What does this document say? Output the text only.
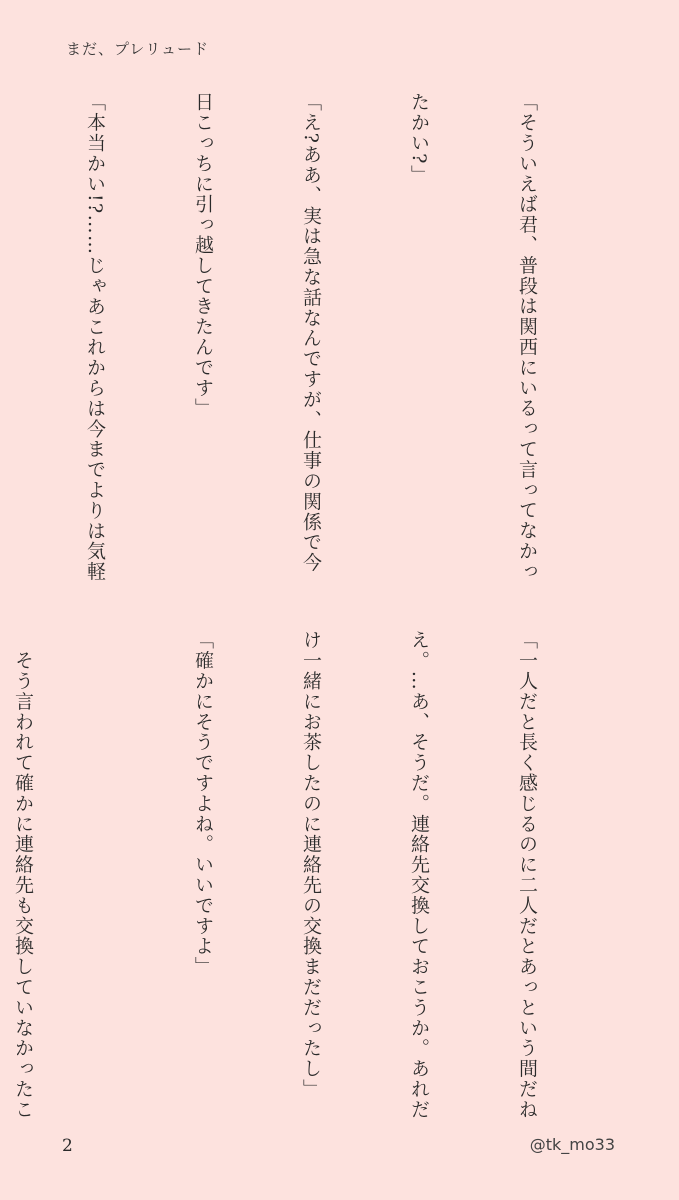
まだ、プレリュード

「そういえば君、普段は関西にいるって言ってなかっ

たかい?」

「え?ああ、実は急な話なんですが、仕事の関係で今

日こっちに引っ越してきたんです」

「本当かい!?……じゃあこれからは今までよりは気軽

「一人だと長く感じるのに二人だとあっという間だね

え。…あ、そうだ。連絡先交換しておこうか。あれだ

け一緒にお茶したのに連絡先の交換まだだったし」

「確かにそうですよね。いいですよ」

　そう言われて確かに連絡先も交換していなかったこ

2	@tk_mo33
